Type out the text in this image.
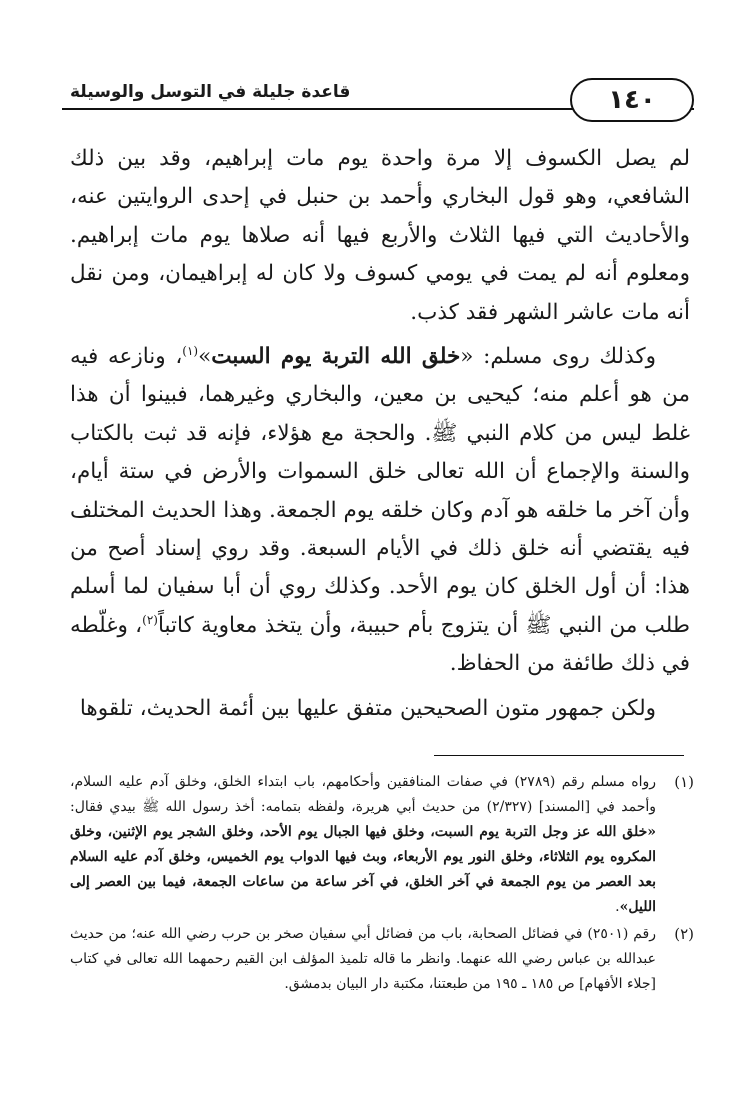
قاعدة جليلة في التوسل والوسيلة	١٤٠

لم يصل الكسوف إلا مرة واحدة يوم مات إبراهيم، وقد بين ذلك الشافعي، وهو قول البخاري وأحمد بن حنبل في إحدى الروايتين عنه، والأحاديث التي فيها الثلاث والأربع فيها أنه صلاها يوم مات إبراهيم. ومعلوم أنه لم يمت في يومي كسوف ولا كان له إبراهيمان، ومن نقل أنه مات عاشر الشهر فقد كذب.

وكذلك روى مسلم: «خلق الله التربة يوم السبت»$^{(١)}$، ونازعه فيه من هو أعلم منه؛ كيحيى بن معين، والبخاري وغيرهما، فبينوا أن هذا غلط ليس من كلام النبي ﷺ. والحجة مع هؤلاء، فإنه قد ثبت بالكتاب والسنة والإجماع أن الله تعالى خلق السموات والأرض في ستة أيام، وأن آخر ما خلقه هو آدم وكان خلقه يوم الجمعة. وهذا الحديث المختلف فيه يقتضي أنه خلق ذلك في الأيام السبعة. وقد روي إسناد أصح من هذا: أن أول الخلق كان يوم الأحد. وكذلك روي أن أبا سفيان لما أسلم طلب من النبي ﷺ أن يتزوج بأم حبيبة، وأن يتخذ معاوية كاتباً$^{(٢)}$، وغلّطه في ذلك طائفة من الحفاظ.

ولكن جمهور متون الصحيحين متفق عليها بين أئمة الحديث، تلقوها

(١)
رواه مسلم رقم (٢٧٨٩) في صفات المنافقين وأحكامهم، باب ابتداء الخلق، وخلق آدم عليه السلام، وأحمد في [المسند] (٢/٣٢٧) من حديث أبي هريرة، ولفظه بتمامه: أخذ رسول الله ﷺ بيدي فقال: «خلق الله عز وجل التربة يوم السبت، وخلق فيها الجبال يوم الأحد، وخلق الشجر يوم الإثنين، وخلق المكروه يوم الثلاثاء، وخلق النور يوم الأربعاء، وبث فيها الدواب يوم الخميس، وخلق آدم عليه السلام بعد العصر من يوم الجمعة في آخر الخلق، في آخر ساعة من ساعات الجمعة، فيما بين العصر إلى الليل».
(٢)
رقم (٢٥٠١) في فضائل الصحابة، باب من فضائل أبي سفيان صخر بن حرب رضي الله عنه؛ من حديث عبدالله بن عباس رضي الله عنهما. وانظر ما قاله تلميذ المؤلف ابن القيم رحمهما الله تعالى في كتاب [جلاء الأفهام] ص ١٨٥ ـ ١٩٥ من طبعتنا، مكتبة دار البيان بدمشق.
